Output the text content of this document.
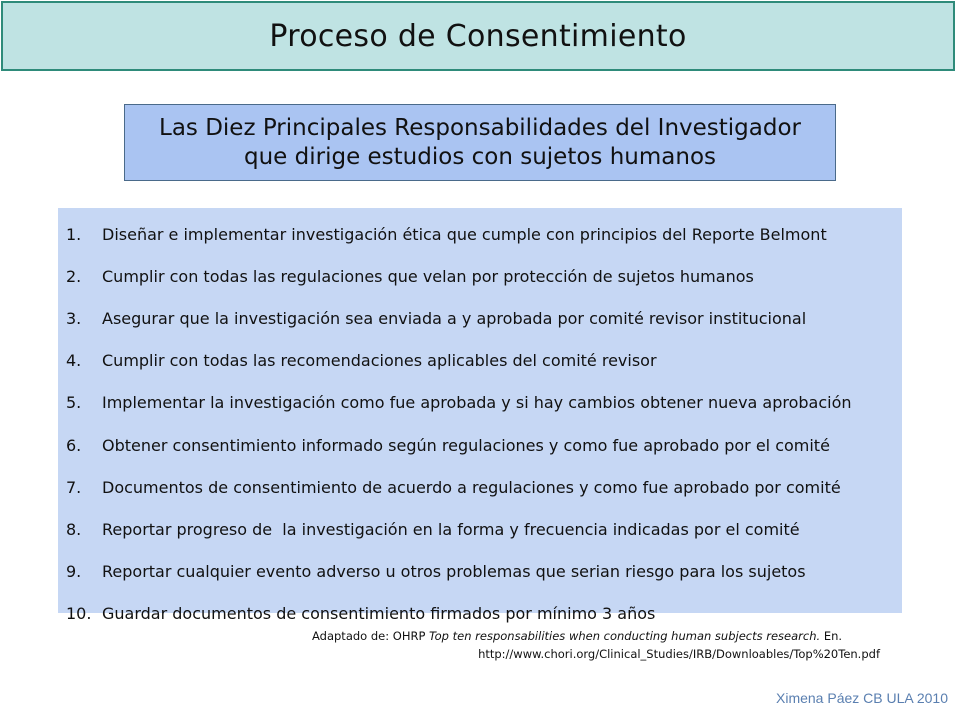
Proceso de Consentimiento
Las Diez Principales Responsabilidades del Investigador
que dirige estudios con sujetos humanos
1.	Diseñar e implementar investigación ética que cumple con principios del Reporte Belmont
2.	Cumplir con todas las regulaciones que velan por protección de sujetos humanos
3.	Asegurar que la investigación sea enviada a y aprobada por comité revisor institucional
4.	Cumplir con todas las recomendaciones aplicables del comité revisor
5.	Implementar la investigación como fue aprobada y si hay cambios obtener nueva aprobación
6.	Obtener consentimiento informado según regulaciones y como fue aprobado por el comité
7.	Documentos de consentimiento de acuerdo a regulaciones y como fue aprobado por comité
8.	Reportar progreso de  la investigación en la forma y frecuencia indicadas por el comité
9.	Reportar cualquier evento adverso u otros problemas que serian riesgo para los sujetos
10. Guardar documentos de consentimiento firmados por mínimo 3 años
Adaptado de: OHRP Top ten responsabilities when conducting human subjects research. En.
http://www.chori.org/Clinical_Studies/IRB/Downloables/Top%20Ten.pdf
Ximena Páez CB ULA 2010
